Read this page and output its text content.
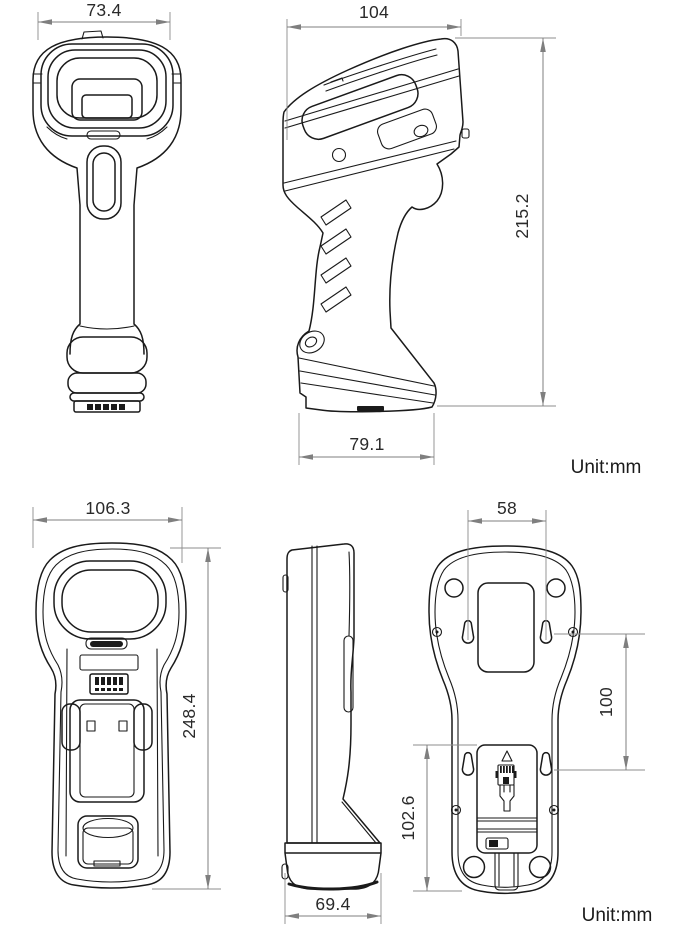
73.4	104
215.2
79.1
Unit:mm
106.3
248.4
69.4
58
100
102.6
Unit:mm
